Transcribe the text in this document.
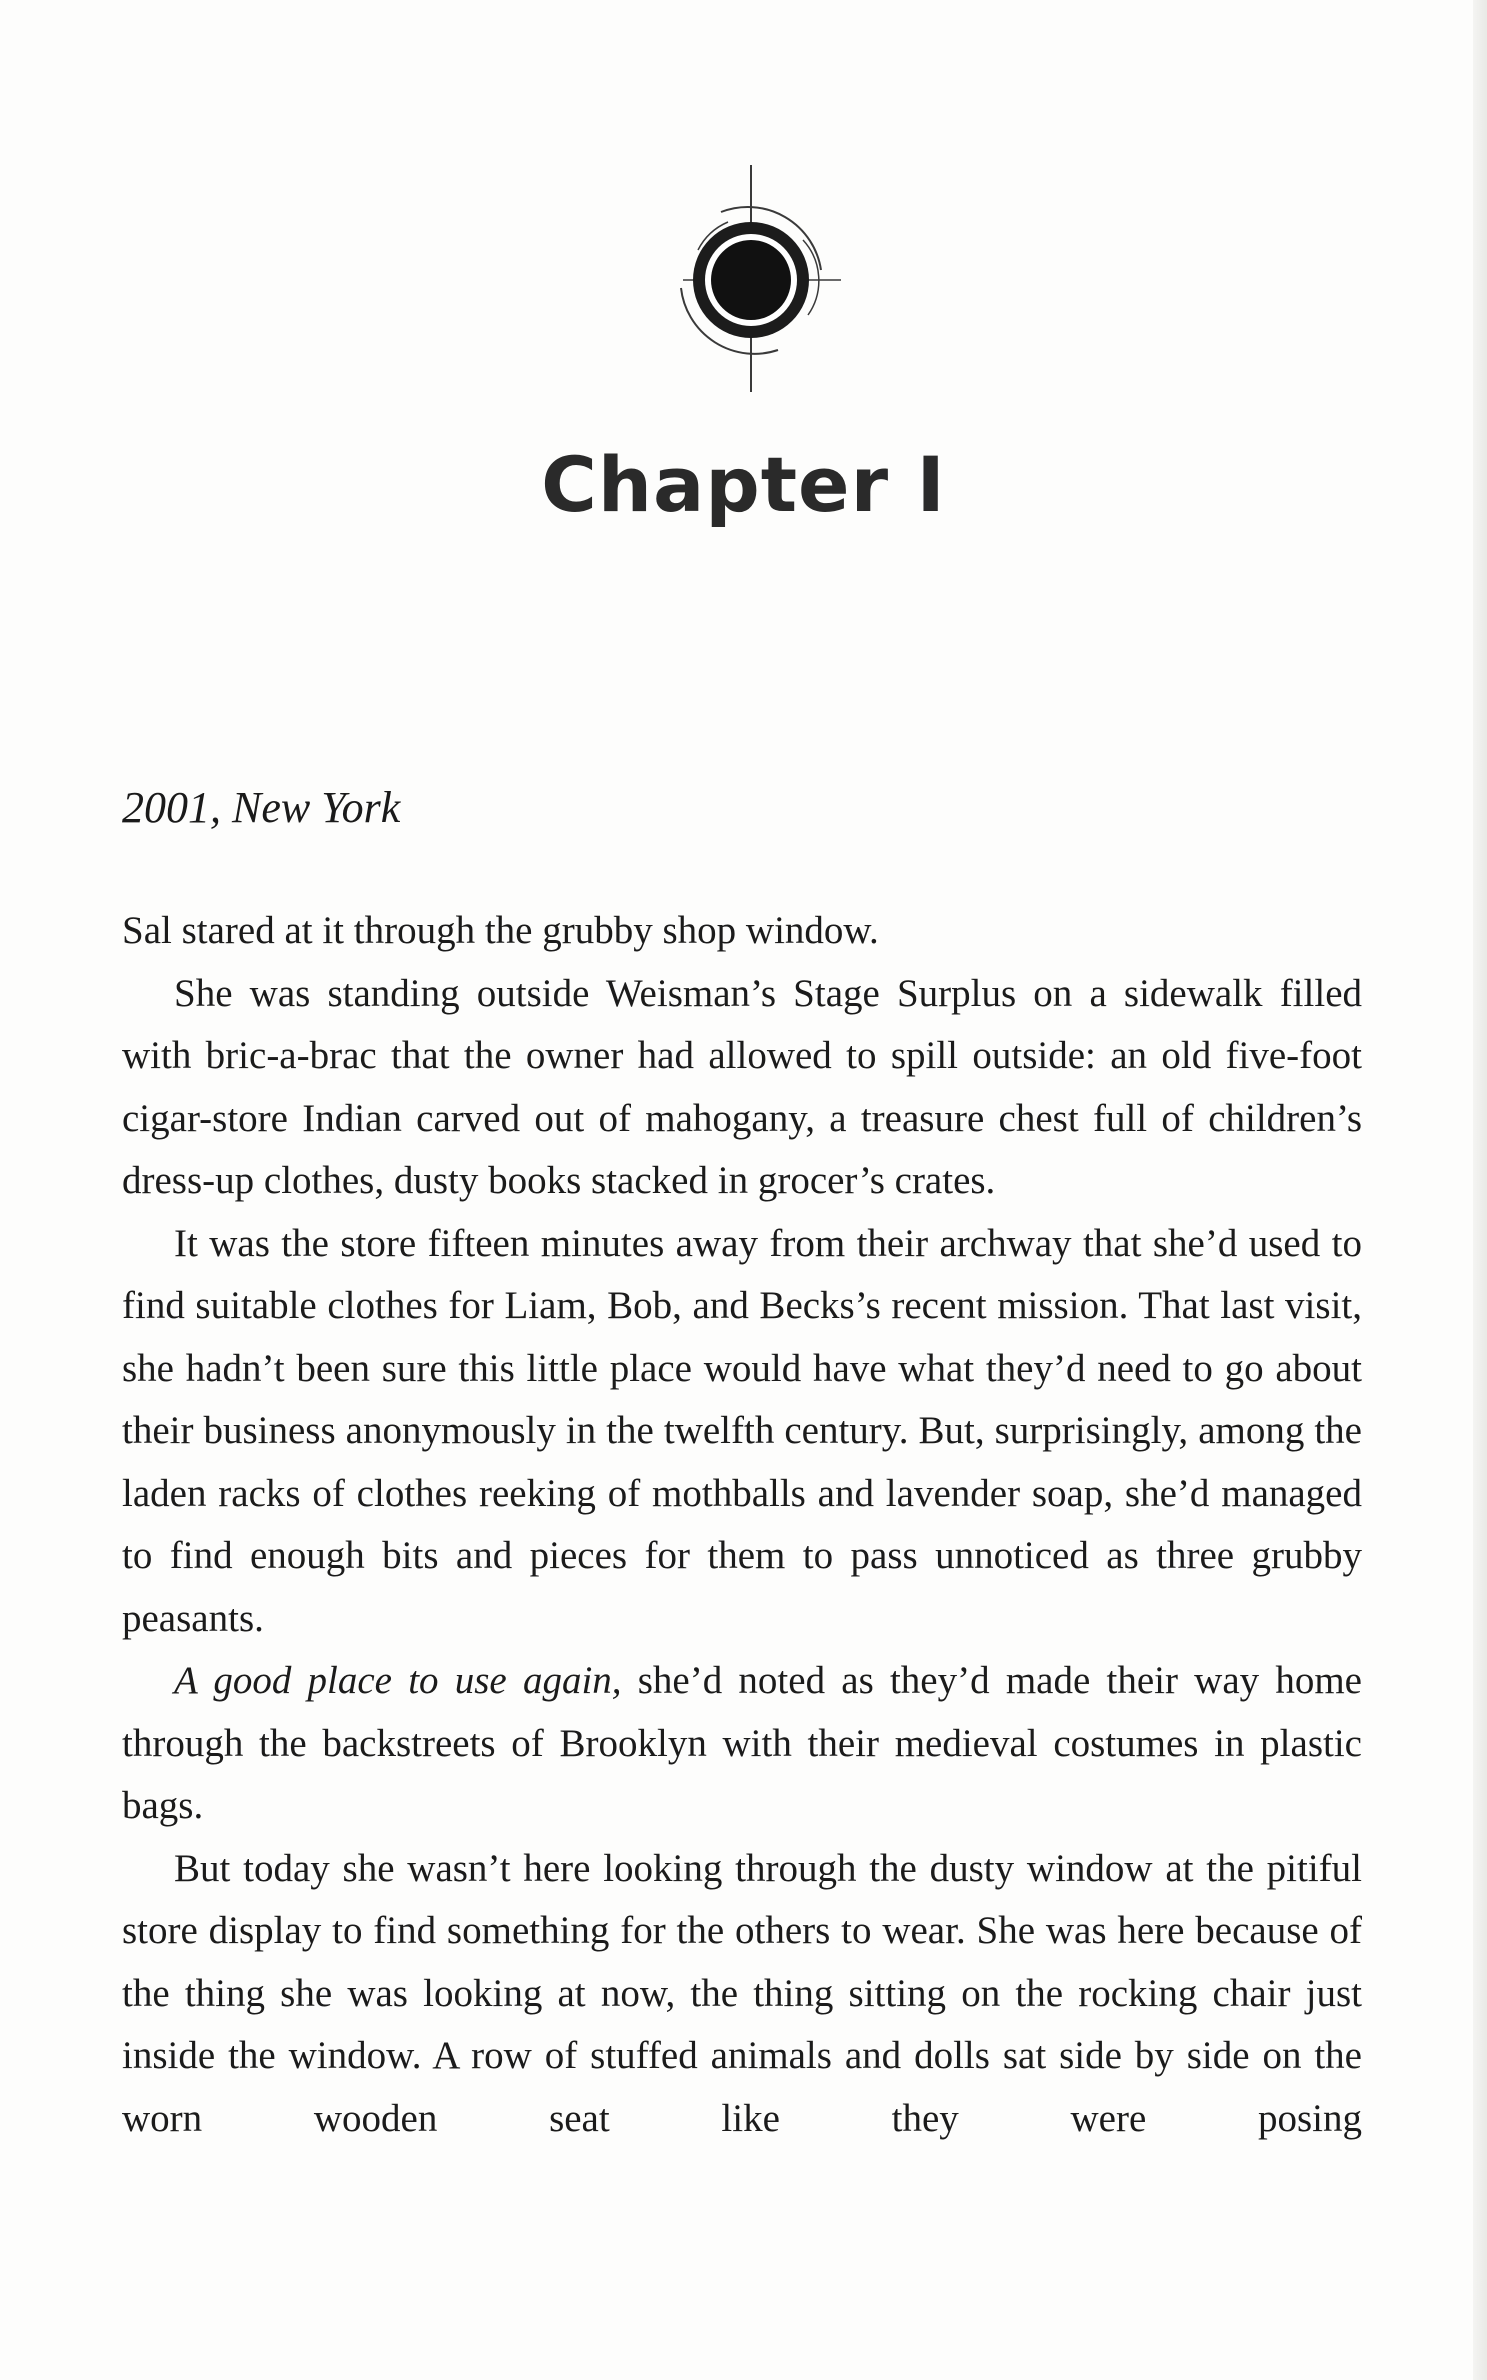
Chapter I
2001, New York

Sal stared at it through the grubby shop window.

She was standing outside Weisman’s Stage Surplus on a sidewalk filled with bric-a-brac that the owner had allowed to spill outside: an old five-foot cigar-store Indian carved out of mahogany, a treasure chest full of children’s dress-up clothes, dusty books stacked in grocer’s crates.

It was the store fifteen minutes away from their archway that she’d used to find suitable clothes for Liam, Bob, and Becks’s recent mission. That last visit, she hadn’t been sure this little place would have what they’d need to go about their business anonymously in the twelfth century. But, surprisingly, among the laden racks of clothes reeking of mothballs and lavender soap, she’d managed to find enough bits and pieces for them to pass unnoticed as three grubby peasants.

A good place to use again, she’d noted as they’d made their way home through the backstreets of Brooklyn with their medieval costumes in plastic bags.

But today she wasn’t here looking through the dusty window at the pitiful store display to find something for the others to wear. She was here because of the thing she was looking at now, the thing sitting on the rocking chair just inside the window. A row of stuffed animals and dolls sat side by side on the worn wooden seat like they were posing
